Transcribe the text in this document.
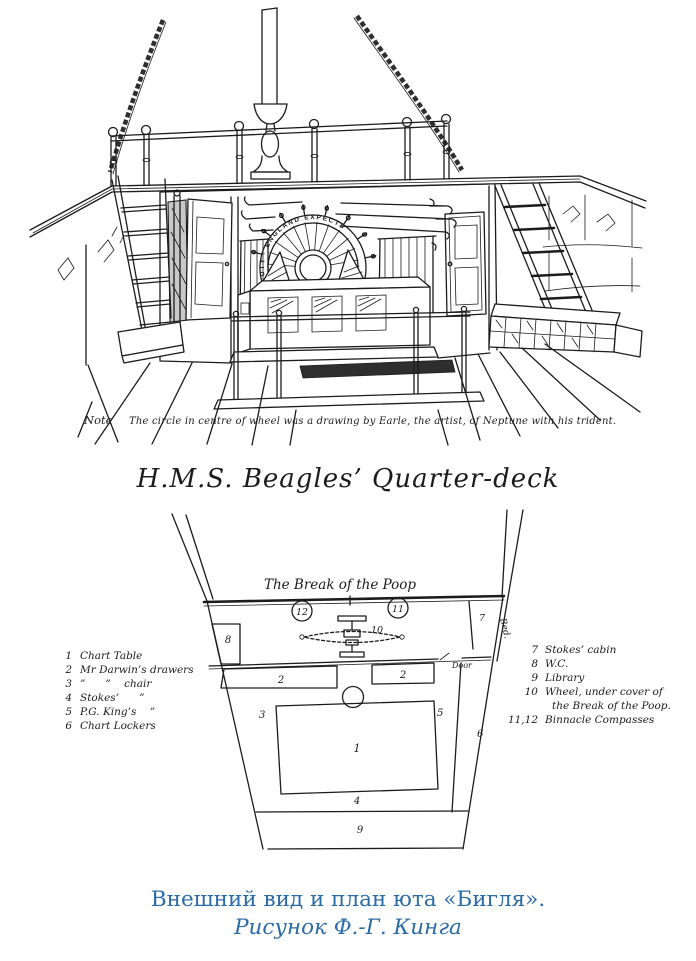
UTY · ENGLAND EXPECTS
Note The circle in centre of wheel was a drawing by Earle, the artist, of Neptune with his trident.
H.M.S. Beagles’ Quarter-deck
The Break of the Poop
12	11
8
10
7 Bed.
Door
2	2
1
3	5
4
6
9
1 Chart Table
2 Mr Darwin’s drawers
3 ”      ”    chair
4 Stokes’      ”
5 P.G. King’s    ”
6 Chart Lockers
7 Stokes’ cabin
8 W.C.
9 Library
10 Wheel, under cover of
the Break of the Poop.
11,12 Binnacle Compasses
Внешний вид и план юта «Бигля».
Рисунок Ф.-Г. Кинга
